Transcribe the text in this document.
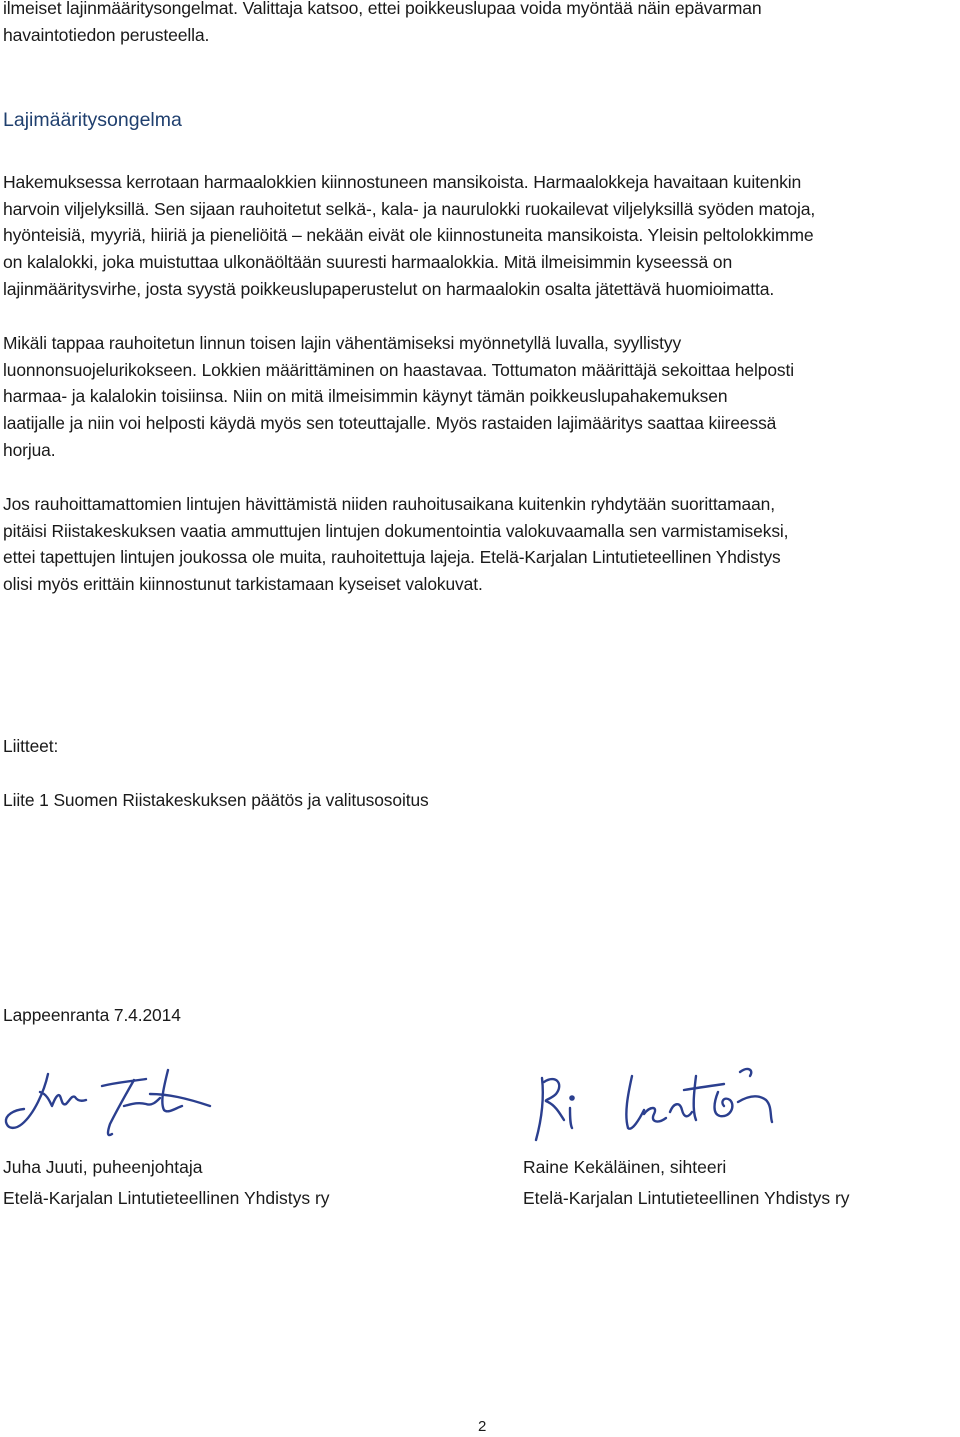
ilmeiset lajinmääritysongelmat. Valittaja katsoo, ettei poikkeuslupaa voida myöntää näin epävarman
havaintotiedon perusteella.
Lajimääritysongelma
Hakemuksessa kerrotaan harmaalokkien kiinnostuneen mansikoista. Harmaalokkeja havaitaan kuitenkin
harvoin viljelyksillä. Sen sijaan rauhoitetut selkä-, kala- ja naurulokki ruokailevat viljelyksillä syöden matoja,
hyönteisiä, myyriä, hiiriä ja pieneliöitä – nekään eivät ole kiinnostuneita mansikoista. Yleisin peltolokkimme
on kalalokki, joka muistuttaa ulkonäöltään suuresti harmaalokkia. Mitä ilmeisimmin kyseessä on
lajinmääritysvirhe, josta syystä poikkeuslupaperustelut on harmaalokin osalta jätettävä huomioimatta.
Mikäli tappaa rauhoitetun linnun toisen lajin vähentämiseksi myönnetyllä luvalla, syyllistyy
luonnonsuojelurikokseen. Lokkien määrittäminen on haastavaa. Tottumaton määrittäjä sekoittaa helposti
harmaa- ja kalalokin toisiinsa. Niin on mitä ilmeisimmin käynyt tämän poikkeuslupahakemuksen
laatijalle ja niin voi helposti käydä myös sen toteuttajalle. Myös rastaiden lajimääritys saattaa kiireessä
horjua.
Jos rauhoittamattomien lintujen hävittämistä niiden rauhoitusaikana kuitenkin ryhdytään suorittamaan,
pitäisi Riistakeskuksen vaatia ammuttujen lintujen dokumentointia valokuvaamalla sen varmistamiseksi,
ettei tapettujen lintujen joukossa ole muita, rauhoitettuja lajeja. Etelä-Karjalan Lintutieteellinen Yhdistys
olisi myös erittäin kiinnostunut tarkistamaan kyseiset valokuvat.
Liitteet:
Liite 1 Suomen Riistakeskuksen päätös ja valitusosoitus
Lappeenranta 7.4.2014
Juha Juuti, puheenjohtaja
Etelä-Karjalan Lintutieteellinen Yhdistys ry
Raine Kekäläinen, sihteeri
Etelä-Karjalan Lintutieteellinen Yhdistys ry
2
